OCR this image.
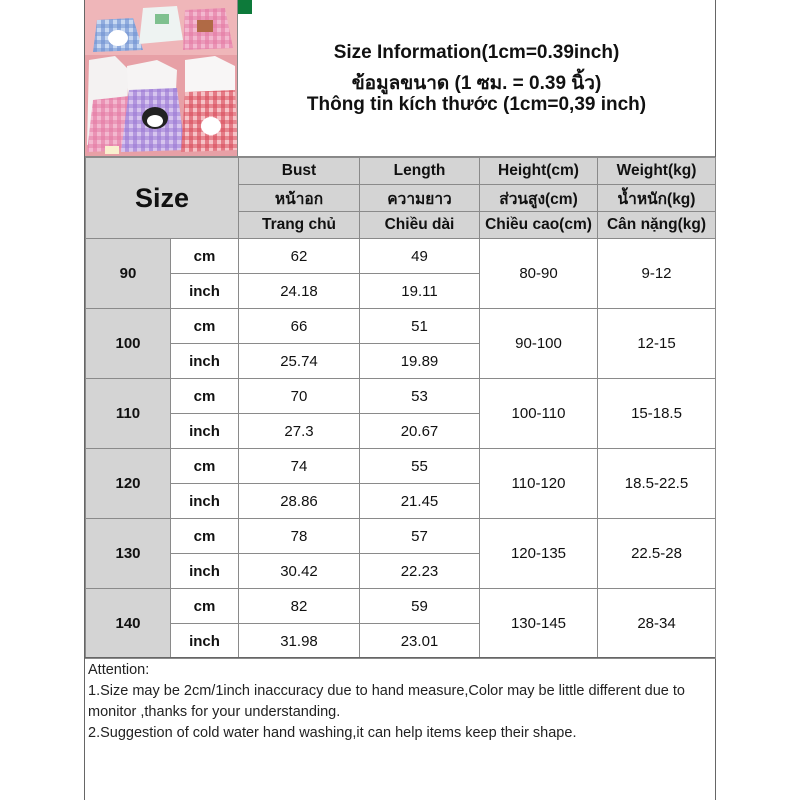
Size Information(1cm=0.39inch)
ข้อมูลขนาด (1 ซม. = 0.39 นิ้ว)
Thông tin kích thước (1cm=0,39 inch)
Size		Bust	Length	Height(cm)	Weight(kg)
		หน้าอก	ความยาว	ส่วนสูง(cm)	น้ำหนัก(kg)
		Trang chủ	Chiều dài	Chiều cao(cm)	Cân nặng(kg)
90	cm	62	49	80-90	9-12
	inch	24.18	19.11		
100	cm	66	51	90-100	12-15
	inch	25.74	19.89		
110	cm	70	53	100-110	15-18.5
	inch	27.3	20.67		
120	cm	74	55	110-120	18.5-22.5
	inch	28.86	21.45		
130	cm	78	57	120-135	22.5-28
	inch	30.42	22.23		
140	cm	82	59	130-145	28-34
	inch	31.98	23.01		
Attention:
1.Size may be 2cm/1inch inaccuracy due to hand measure,Color may be little different due to monitor ,thanks for your understanding.
2.Suggestion of cold water hand washing,it can help items keep their shape.
